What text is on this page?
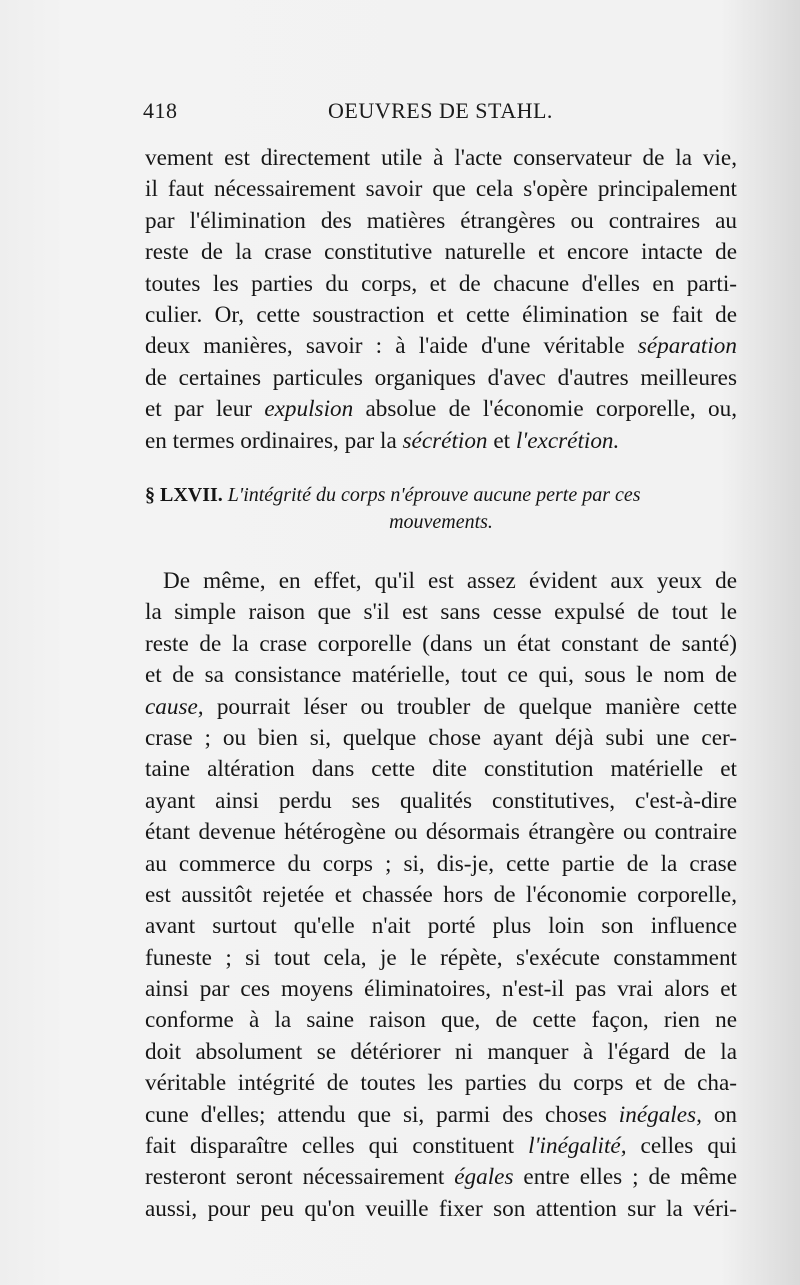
418	OEUVRES DE STAHL.
vement est directement utile à l'acte conservateur de la vie,
il faut nécessairement savoir que cela s'opère principalement
par l'élimination des matières étrangères ou contraires au
reste de la crase constitutive naturelle et encore intacte de
toutes les parties du corps, et de chacune d'elles en parti-
culier. Or, cette soustraction et cette élimination se fait de
deux manières, savoir : à l'aide d'une véritable séparation
de certaines particules organiques d'avec d'autres meilleures
et par leur expulsion absolue de l'économie corporelle, ou,
en termes ordinaires, par la sécrétion et l'excrétion.
§ LXVII. L'intégrité du corps n'éprouve aucune perte par ces
mouvements.
De même, en effet, qu'il est assez évident aux yeux de
la simple raison que s'il est sans cesse expulsé de tout le
reste de la crase corporelle (dans un état constant de santé)
et de sa consistance matérielle, tout ce qui, sous le nom de
cause, pourrait léser ou troubler de quelque manière cette
crase ; ou bien si, quelque chose ayant déjà subi une cer-
taine altération dans cette dite constitution matérielle et
ayant ainsi perdu ses qualités constitutives, c'est-à-dire
étant devenue hétérogène ou désormais étrangère ou contraire
au commerce du corps ; si, dis-je, cette partie de la crase
est aussitôt rejetée et chassée hors de l'économie corporelle,
avant surtout qu'elle n'ait porté plus loin son influence
funeste ; si tout cela, je le répète, s'exécute constamment
ainsi par ces moyens éliminatoires, n'est-il pas vrai alors et
conforme à la saine raison que, de cette façon, rien ne
doit absolument se détériorer ni manquer à l'égard de la
véritable intégrité de toutes les parties du corps et de cha-
cune d'elles; attendu que si, parmi des choses inégales, on
fait disparaître celles qui constituent l'inégalité, celles qui
resteront seront nécessairement égales entre elles ; de même
aussi, pour peu qu'on veuille fixer son attention sur la véri-
